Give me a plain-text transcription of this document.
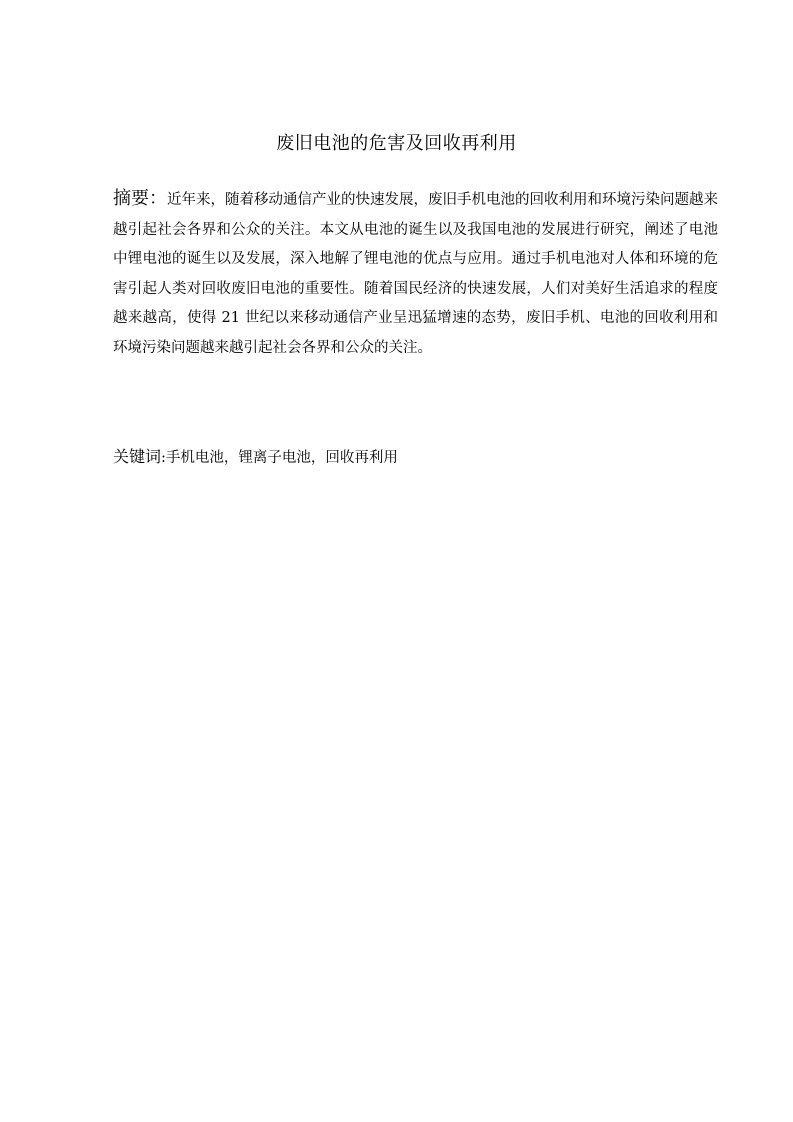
废旧电池的危害及回收再利用
摘要：近年来，随着移动通信产业的快速发展，废旧手机电池的回收利用和环境污染问题越来越引起社会各界和公众的关注。本文从电池的诞生以及我国电池的发展进行研究，阐述了电池中锂电池的诞生以及发展，深入地解了锂电池的优点与应用。通过手机电池对人体和环境的危害引起人类对回收废旧电池的重要性。随着国民经济的快速发展，人们对美好生活追求的程度越来越高，使得 21 世纪以来移动通信产业呈迅猛增速的态势，废旧手机、电池的回收利用和环境污染问题越来越引起社会各界和公众的关注。
关键词:手机电池，锂离子电池，回收再利用
